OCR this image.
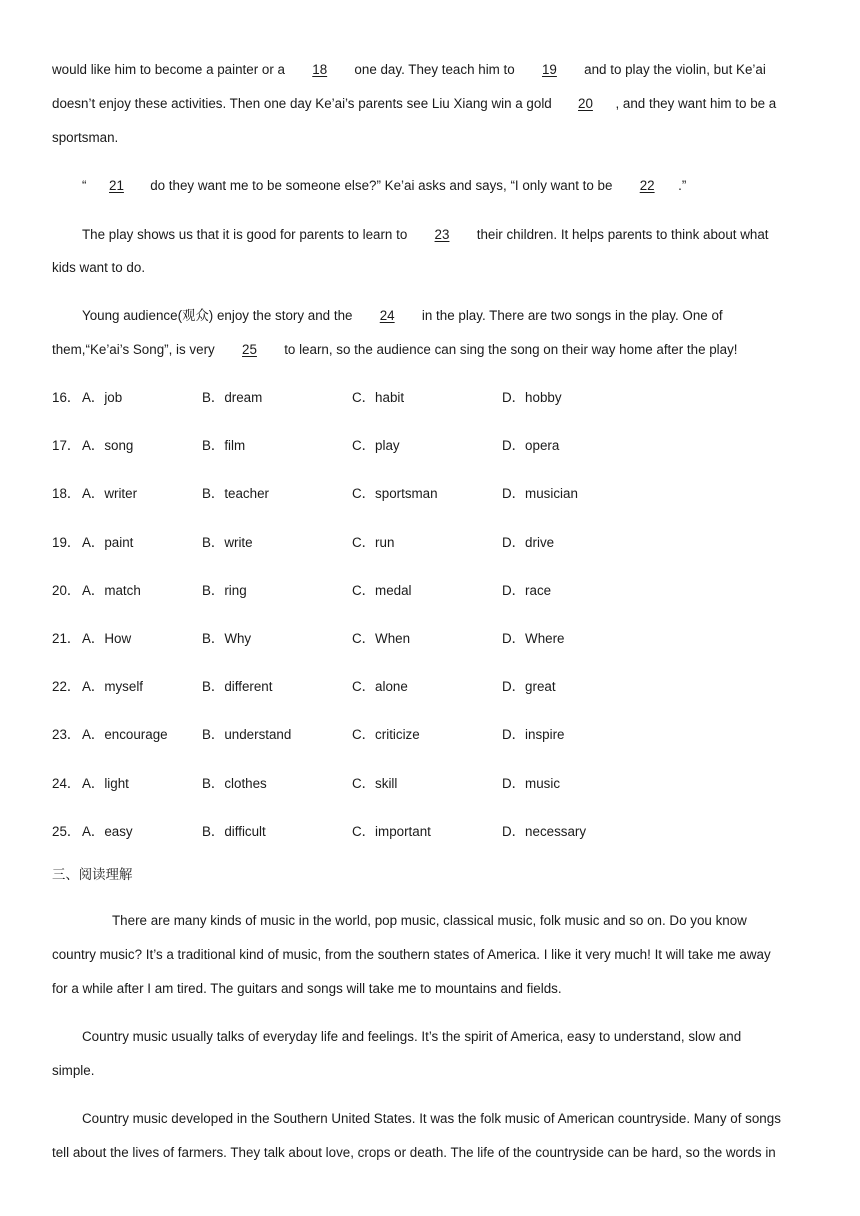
would like him to become a painter or a 18 one day. They teach him to 19 and to play the violin, but Ke’ai
doesn’t enjoy these activities. Then one day Ke’ai’s parents see Liu Xiang win a gold 20 , and they want him to be a
sportsman.
“ 21 do they want me to be someone else?” Ke’ai asks and says, “I only want to be 22 .”
The play shows us that it is good for parents to learn to 23 their children. It helps parents to think about what
kids want to do.
Young audience(观众) enjoy the story and the 24 in the play. There are two songs in the play. One of
them,“Ke’ai’s Song”, is very 25 to learn, so the audience can sing the song on their way home after the play!
16． A．job	B．dream	C．habit	D．hobby
17． A．song	B．film	C．play	D．opera
18． A．writer	B．teacher	C．sportsman	D．musician
19． A．paint	B．write	C．run	D．drive
20． A．match	B．ring	C．medal	D．race
21． A．How	B．Why	C．When	D．Where
22． A．myself	B．different	C．alone	D．great
23． A．encourage	B．understand	C．criticize	D．inspire
24． A．light	B．clothes	C．skill	D．music
25． A．easy	B．difficult	C．important	D．necessary
三、阅读理解
There are many kinds of music in the world, pop music, classical music, folk music and so on. Do you know
country music? It’s a traditional kind of music, from the southern states of America. I like it very much! It will take me away
for a while after I am tired. The guitars and songs will take me to mountains and fields.
Country music usually talks of everyday life and feelings. It’s the spirit of America, easy to understand, slow and
simple.
Country music developed in the Southern United States. It was the folk music of American countryside. Many of songs
tell about the lives of farmers. They talk about love, crops or death. The life of the countryside can be hard, so the words in
